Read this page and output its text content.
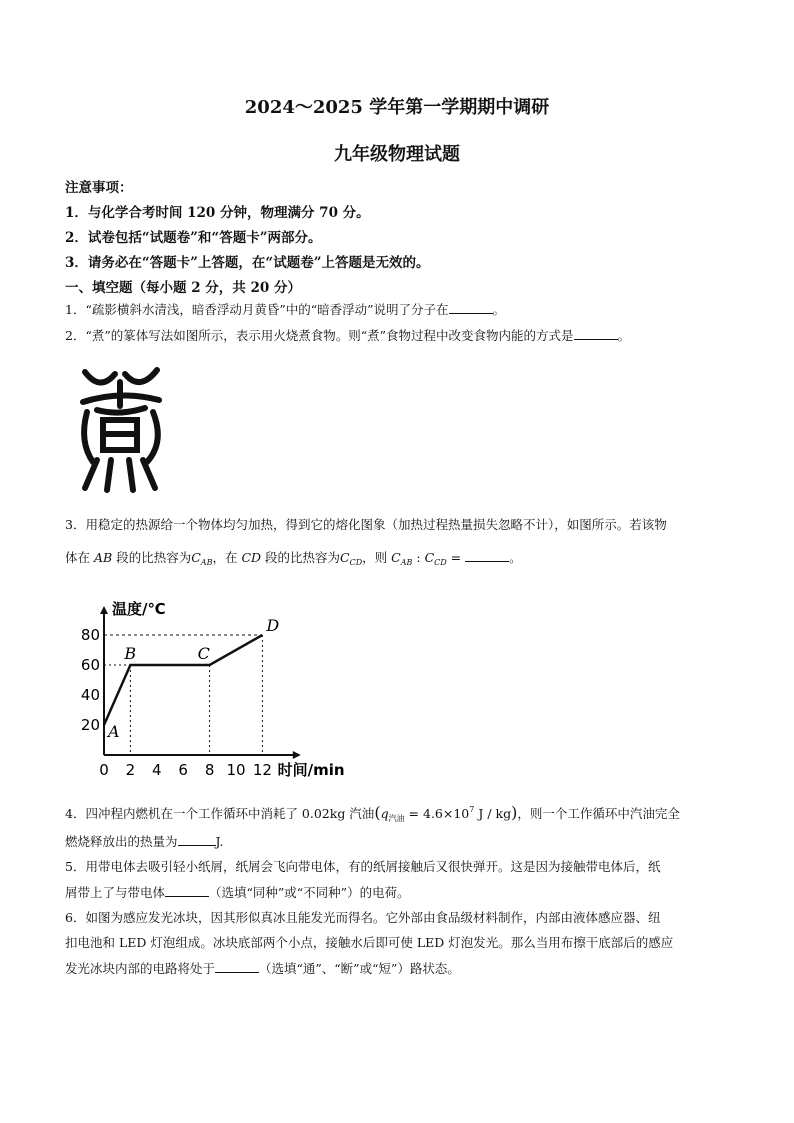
2024～2025 学年第一学期期中调研
九年级物理试题
注意事项：
1．与化学合考时间 120 分钟，物理满分 70 分。
2．试卷包括“试题卷”和“答题卡”两部分。
3．请务必在“答题卡”上答题，在“试题卷”上答题是无效的。
一、填空题（每小题 2 分，共 20 分）
1．“疏影横斜水清浅，暗香浮动月黄昏”中的“暗香浮动”说明了分子在	。
2．“煮”的篆体写法如图所示，表示用火烧煮食物。则“煮”食物过程中改变食物内能的方式是	。
3．用稳定的热源给一个物体均匀加热，得到它的熔化图象（加热过程热量损失忽略不计），如图所示。若该物
体在 AB 段的比热容为$C_{AB}$，在 CD 段的比热容为$C_{CD}$，则 $C_{AB}$ : $C_{CD}$ =	。
温度/℃
时间/min
0 2 4 6 8 10 12
20
40
60
80
A
B	C
D
4．四冲程内燃机在一个工作循环中消耗了 0.02kg 汽油($q_{汽油} = 4.6\times 10^7$ J / kg)，则一个工作循环中汽油完全
燃烧释放出的热量为	J.
5．用带电体去吸引轻小纸屑，纸屑会飞向带电体，有的纸屑接触后又很快弹开。这是因为接触带电体后，纸
屑带上了与带电体	（选填“同种”或“不同种”）的电荷。
6．如图为感应发光冰块，因其形似真冰且能发光而得名。它外部由食品级材料制作，内部由液体感应器、纽
扣电池和 LED 灯泡组成。冰块底部两个小点，接触水后即可使 LED 灯泡发光。那么当用布擦干底部后的感应
发光冰块内部的电路将处于	（选填“通”、“断”或“短”）路状态。
